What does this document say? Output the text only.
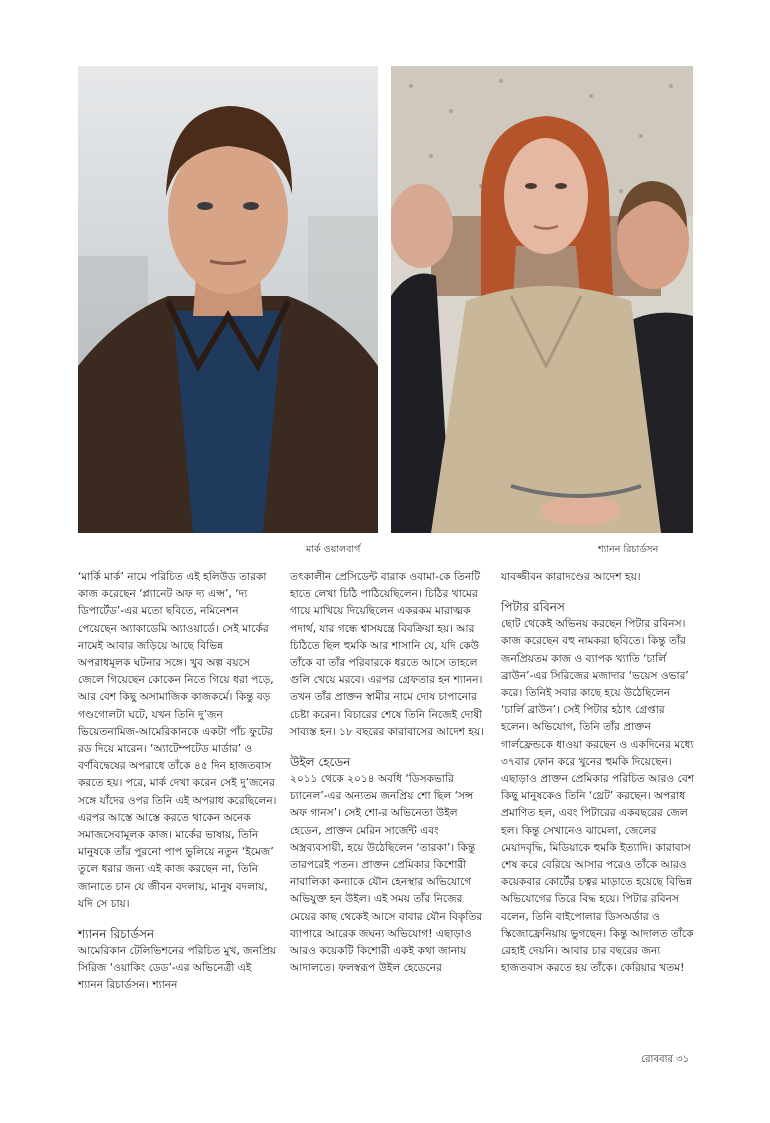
মার্ক ওয়ালবার্গ	শ্যানন রিচার্ডসন

‘মার্কি মার্ক’ নামে পরিচিত এই হলিউড তারকা কাজ করেছেন ‘প্ল্যানেট অফ দ্য এপ্স’, ‘দ্য ডিপার্টেড’-এর মতো ছবিতে, নমিনেশন পেয়েছেন অ্যাকাডেমি অ্যাওয়ার্ডে। সেই মার্কের নামেই আবার জড়িয়ে আছে বিভিন্ন অপরাধমূলক ঘটনার সঙ্গে। খুব অল্প বয়সে জেলে গিয়েছেন কোকেন নিতে গিয়ে ধরা পড়ে, আর বেশ কিছু অসামাজিক কাজকর্মে। কিন্তু বড় গণ্ডগোলটা ঘটে, যখন তিনি দু’জন ভিয়েতনামিজ-আমেরিকানকে একটা পাঁচ ফুটের রড দিয়ে মারেন। ‘অ্যাটেম্পটেড মার্ডার’ ও বর্ণবিদ্বেষের অপরাধে তাঁকে ৪৫ দিন হাজতবাস করতে হয়। পরে, মার্ক দেখা করেন সেই দু’জনের সঙ্গে যাঁদের ওপর তিনি এই অপরাধ করেছিলেন। এরপর আস্তে আস্তে করতে থাকেন অনেক সমাজসেবামূলক কাজ। মার্কের ভাষায়, তিনি মানুষকে তাঁর পুরনো পাপ ভুলিয়ে নতুন ‘ইমেজ’ তুলে ধরার জন্য এই কাজ করছেন না, তিনি জানাতে চান যে জীবন বদলায়, মানুষ বদলায়, যদি সে চায়।

শ্যানন রিচার্ডসন

আমেরিকান টেলিভিশনের পরিচিত মুখ, জনপ্রিয় সিরিজ ‘ওয়াকিং ডেড’-এর অভিনেত্রী এই শ্যানন রিচার্ডসন। শ্যানন

তৎকালীন প্রেসিডেন্ট বারাক ওবামা-কে তিনটি হাতে লেখা চিঠি পাঠিয়েছিলেন। চিঠির খামের গায়ে মাখিয়ে দিয়েছিলেন একরকম মারাত্মক পদার্থ, যার গন্ধে শ্বাসযন্ত্রে বিবক্রিয়া হয়। আর চিঠিতে ছিল হুমকি আর শাসানি যে, যদি কেউ তাঁকে বা তাঁর পরিবারকে ধরতে আসে তাহলে গুলি খেয়ে মরবে। এরপর গ্রেফতার হন শ্যানন। তখন তাঁর প্রাক্তন স্বামীর নামে দোষ চাপানোর চেষ্টা করেন। বিচারের শেষে তিনি নিজেই দোষী সাব্যস্ত হন। ১৮ বছরের কারাবাসের আদেশ হয়।

উইল হেডেন

২০১১ থেকে ২০১৪ অবধি ‘ডিসকভারি চ্যানেল’-এর অন্যতম জনপ্রিয় শো ছিল ‘সন্স অফ গানস’। সেই শো-র অভিনেতা উইল হেডেন, প্রাক্তন মেরিন সার্জেন্ট এবং অস্ত্রব্যবসায়ী, হয়ে উঠেছিলেন ‘তারকা’। কিন্তু তারপরেই পতন। প্রাক্তন প্রেমিকার কিশোরী নাবালিকা কন্যাকে যৌন হেনস্থার অভিযোগে অভিযুক্ত হন উইল। এই সময় তাঁর নিজের মেয়ের কাছ থেকেই আসে বাবার যৌন বিকৃতির ব্যাপারে আরেক জঘন্য অভিযোগ! এছাড়াও আরও কয়েকটি কিশোরী একই কথা জানায় আদালতে। ফলস্বরূপ উইল হেডেনের

যাবজ্জীবন কারাদণ্ডের আদেশ হয়।

পিটার রবিনস

ছোট থেকেই অভিনয় করছেন পিটার রবিনস। কাজ করেছেন বহু নামকরা ছবিতে। কিন্তু তাঁর জনপ্রিয়তম কাজ ও ব্যাপক খ্যাতি ‘চার্লি ব্রাউন’-এর সিরিজের মজাদার ‘ভয়েস ওভার’ করে। তিনিই সবার কাছে হয়ে উঠেছিলেন ‘চার্লি ব্রাউন’। সেই পিটার হঠাৎ গ্রেপ্তার হলেন। অভিযোগ, তিনি তাঁর প্রাক্তন গার্লফ্রেন্ডকে ধাওয়া করছেন ও একদিনের মধ্যে ৩৭বার ফোন করে খুনের হুমকি দিয়েছেন। এছাড়াও প্রাক্তন প্রেমিকার পরিচিত আরও বেশ কিছু মানুষকেও তিনি ‘থ্রেট’ করছেন। অপরাধ প্রমাণিত হল, এবং পিটারের একবছরের জেল হল। কিন্তু সেখানেও ঝামেলা, জেলের মেয়াদবৃদ্ধি, মিডিয়াকে হুমকি ইত্যাদি। কারাবাস শেষ করে বেরিয়ে আসার পরেও তাঁকে আরও কয়েকবার কোর্টের চত্বর মাড়াতে হয়েছে বিভিন্ন অভিযোগের তিরে বিদ্ধ হয়ে। পিটার রবিনস বলেন, তিনি বাইপোলার ডিসঅর্ডার ও স্কিজোফ্রেনিয়ায় ভুগছেন। কিন্তু আদালত তাঁকে রেহাই দেয়নি। আবার চার বছরের জন্য হাজতবাস করতে হয় তাঁকে। কেরিয়ার খতম!

রোববার ৩১
